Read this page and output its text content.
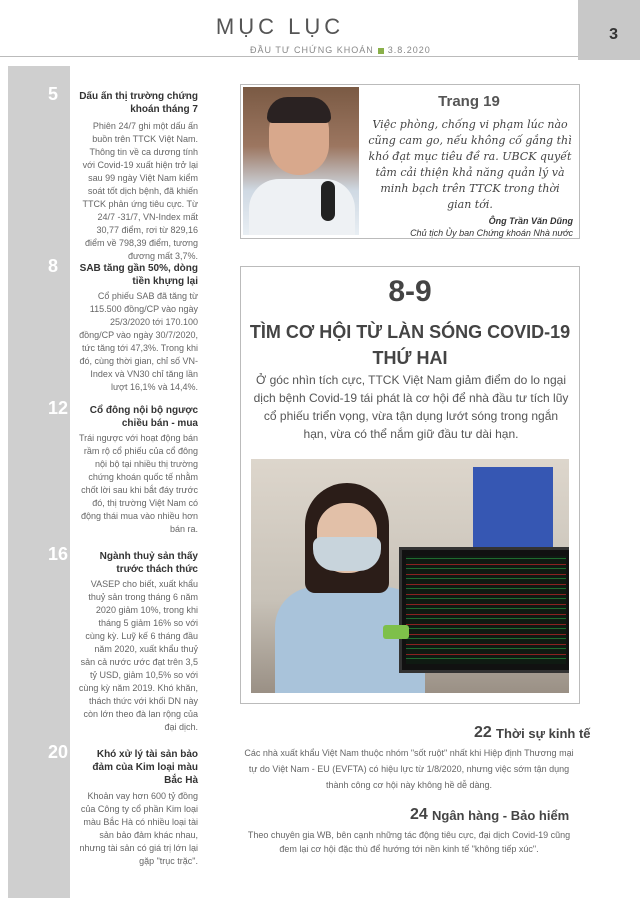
MỤC LỤC
ĐẦU TƯ CHỨNG KHOÁN 3.8.2020
3
5 Dấu ấn thị trường chứng khoán tháng 7
Phiên 24/7 ghi một dấu ấn buồn trên TTCK Việt Nam. Thông tin về ca dương tính với Covid-19 xuất hiện trở lại sau 99 ngày Việt Nam kiểm soát tốt dịch bệnh, đã khiến TTCK phản ứng tiêu cực. Từ 24/7 -31/7, VN-Index mất 30,77 điểm, rơi từ 829,16 điểm về 798,39 điểm, tương đương mất 3,7%.
8 SAB tăng gần 50%, dòng tiền khựng lại
Cổ phiếu SAB đã tăng từ 115.500 đồng/CP vào ngày 25/3/2020 tới 170.100 đồng/CP vào ngày 30/7/2020, tức tăng tới 47,3%. Trong khi đó, cùng thời gian, chỉ số VN-Index và VN30 chỉ tăng lần lượt 16,1% và 14,4%.
12	Cổ đông nội bộ ngược chiều bán - mua
Trái ngược với hoạt động bán rầm rộ cổ phiếu của cổ đông nội bộ tại nhiều thị trường chứng khoán quốc tế nhằm chốt lời sau khi bắt đáy trước đó, thị trường Việt Nam có động thái mua vào nhiều hơn bán ra.
16	Ngành thuỷ sản thấy trước thách thức
VASEP cho biết, xuất khẩu thuỷ sản trong tháng 6 năm 2020 giảm 10%, trong khi tháng 5 giảm 16% so với cùng kỳ. Luỹ kế 6 tháng đầu năm 2020, xuất khẩu thuỷ sản cả nước ước đạt trên 3,5 tỷ USD, giảm 10,5% so với cùng kỳ năm 2019. Khó khăn, thách thức với khối DN này còn lớn theo đà lan rộng của đại dịch.
20	Khó xử lý tài sản bảo đảm của Kim loại màu Bắc Hà
Khoản vay hơn 600 tỷ đồng của Công ty cổ phần Kim loại màu Bắc Hà có nhiều loại tài sản bảo đảm khác nhau, nhưng tài sản có giá trị lớn lại gặp "trục trặc".
Trang 19
Việc phòng, chống vi phạm lúc nào cũng cam go, nếu không cố gắng thì khó đạt mục tiêu đề ra. UBCK quyết tâm cải thiện khả năng quản lý và minh bạch trên TTCK trong thời gian tới.
Ông Trần Văn Dũng
Chủ tịch Ủy ban Chứng khoán Nhà nước
8-9
TÌM CƠ HỘI TỪ LÀN SÓNG COVID-19 THỨ HAI
Ở góc nhìn tích cực, TTCK Việt Nam giảm điểm do lo ngại dịch bệnh Covid-19 tái phát là cơ hội để nhà đầu tư tích lũy cổ phiếu triển vọng, vừa tận dụng lướt sóng trong ngắn hạn, vừa có thể nắm giữ đầu tư dài hạn.
22 Thời sự kinh tế
Các nhà xuất khẩu Việt Nam thuộc nhóm "sốt ruột" nhất khi Hiệp định Thương mại tự do Việt Nam - EU (EVFTA) có hiệu lực từ 1/8/2020, nhưng việc sớm tận dụng thành công cơ hội này không hề dễ dàng.
24 Ngân hàng - Bảo hiểm
Theo chuyên gia WB, bên cạnh những tác động tiêu cực, đại dịch Covid-19 cũng đem lại cơ hội đặc thù để hướng tới nền kinh tế "không tiếp xúc".
